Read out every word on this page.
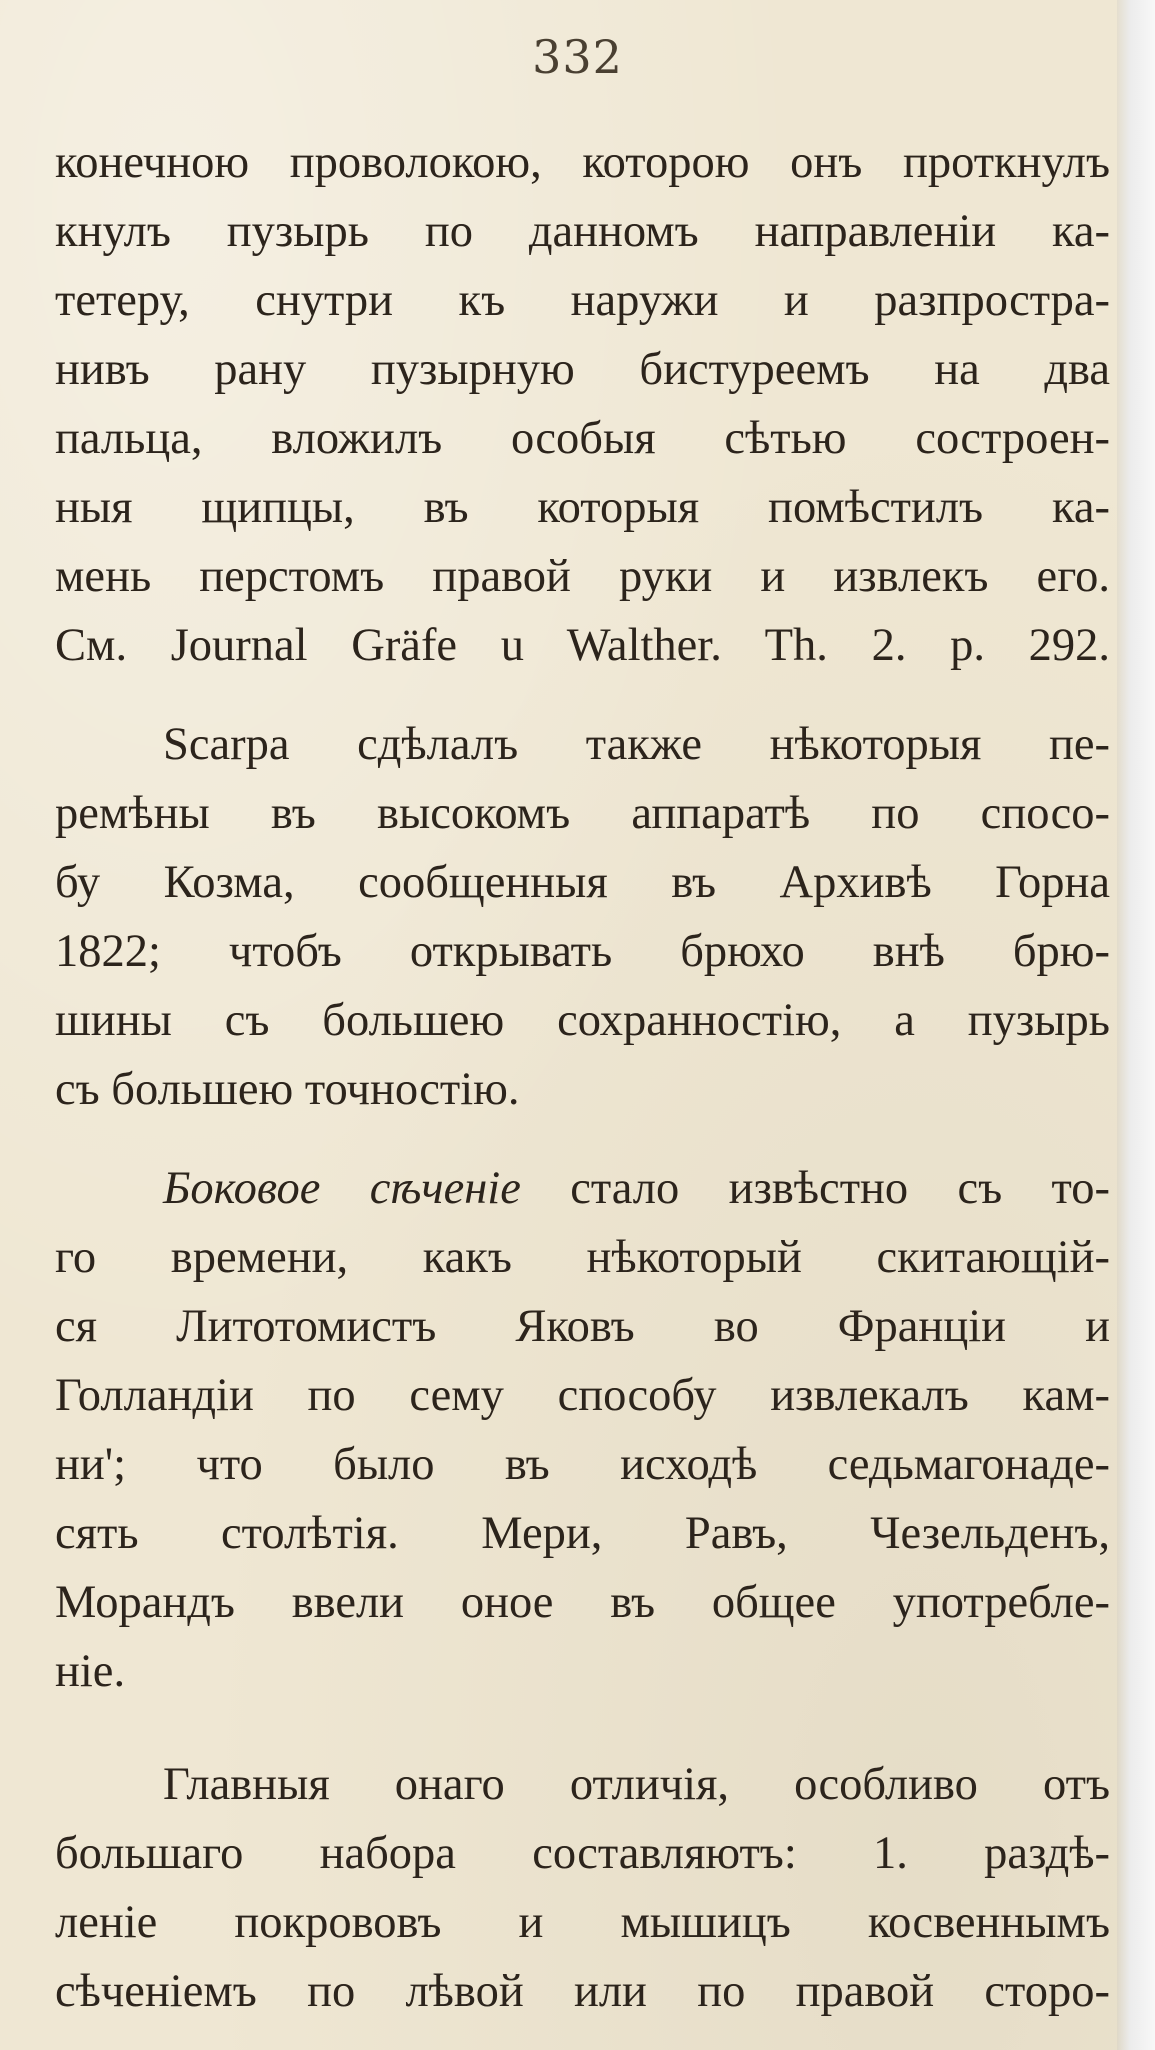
332
конечною проволокою, которою онъ проткнулъ
кнулъ пузырь по данномъ направленіи ка-
тетеру, снутри къ наружи и разпростра-
нивъ рану пузырную бистуреемъ на два
пальца, вложилъ особыя сѣтью состроен-
ныя щипцы, въ которыя помѣстилъ ка-
мень перстомъ правой руки и извлекъ его.
См. Journal Gräfe u Walther. Th. 2. p. 292.
Scarpa сдѣлалъ также нѣкоторыя пе-
ремѣны въ высокомъ аппаратѣ по спосо-
бу Козма, сообщенныя въ Архивѣ Горна
1822; чтобъ открывать брюхо внѣ брю-
шины съ большею сохранностію, а пузырь
съ большею точностію.
Боковое сѣченіе стало извѣстно съ то-
го времени, какъ нѣкоторый скитающій-
ся Литотомистъ Яковъ во Франціи и
Голландіи по сему способу извлекалъ кам-
ни'; что было въ исходѣ седьмагонаде-
сять столѣтія. Мери, Равъ, Чезельденъ,
Морандъ ввели оное въ общее употребле-
ніе.
Главныя онаго отличія, особливо отъ
большаго набора составляютъ: 1. раздѣ-
леніе покрововъ и мышицъ косвеннымъ
сѣченіемъ по лѣвой или по правой сторо-
